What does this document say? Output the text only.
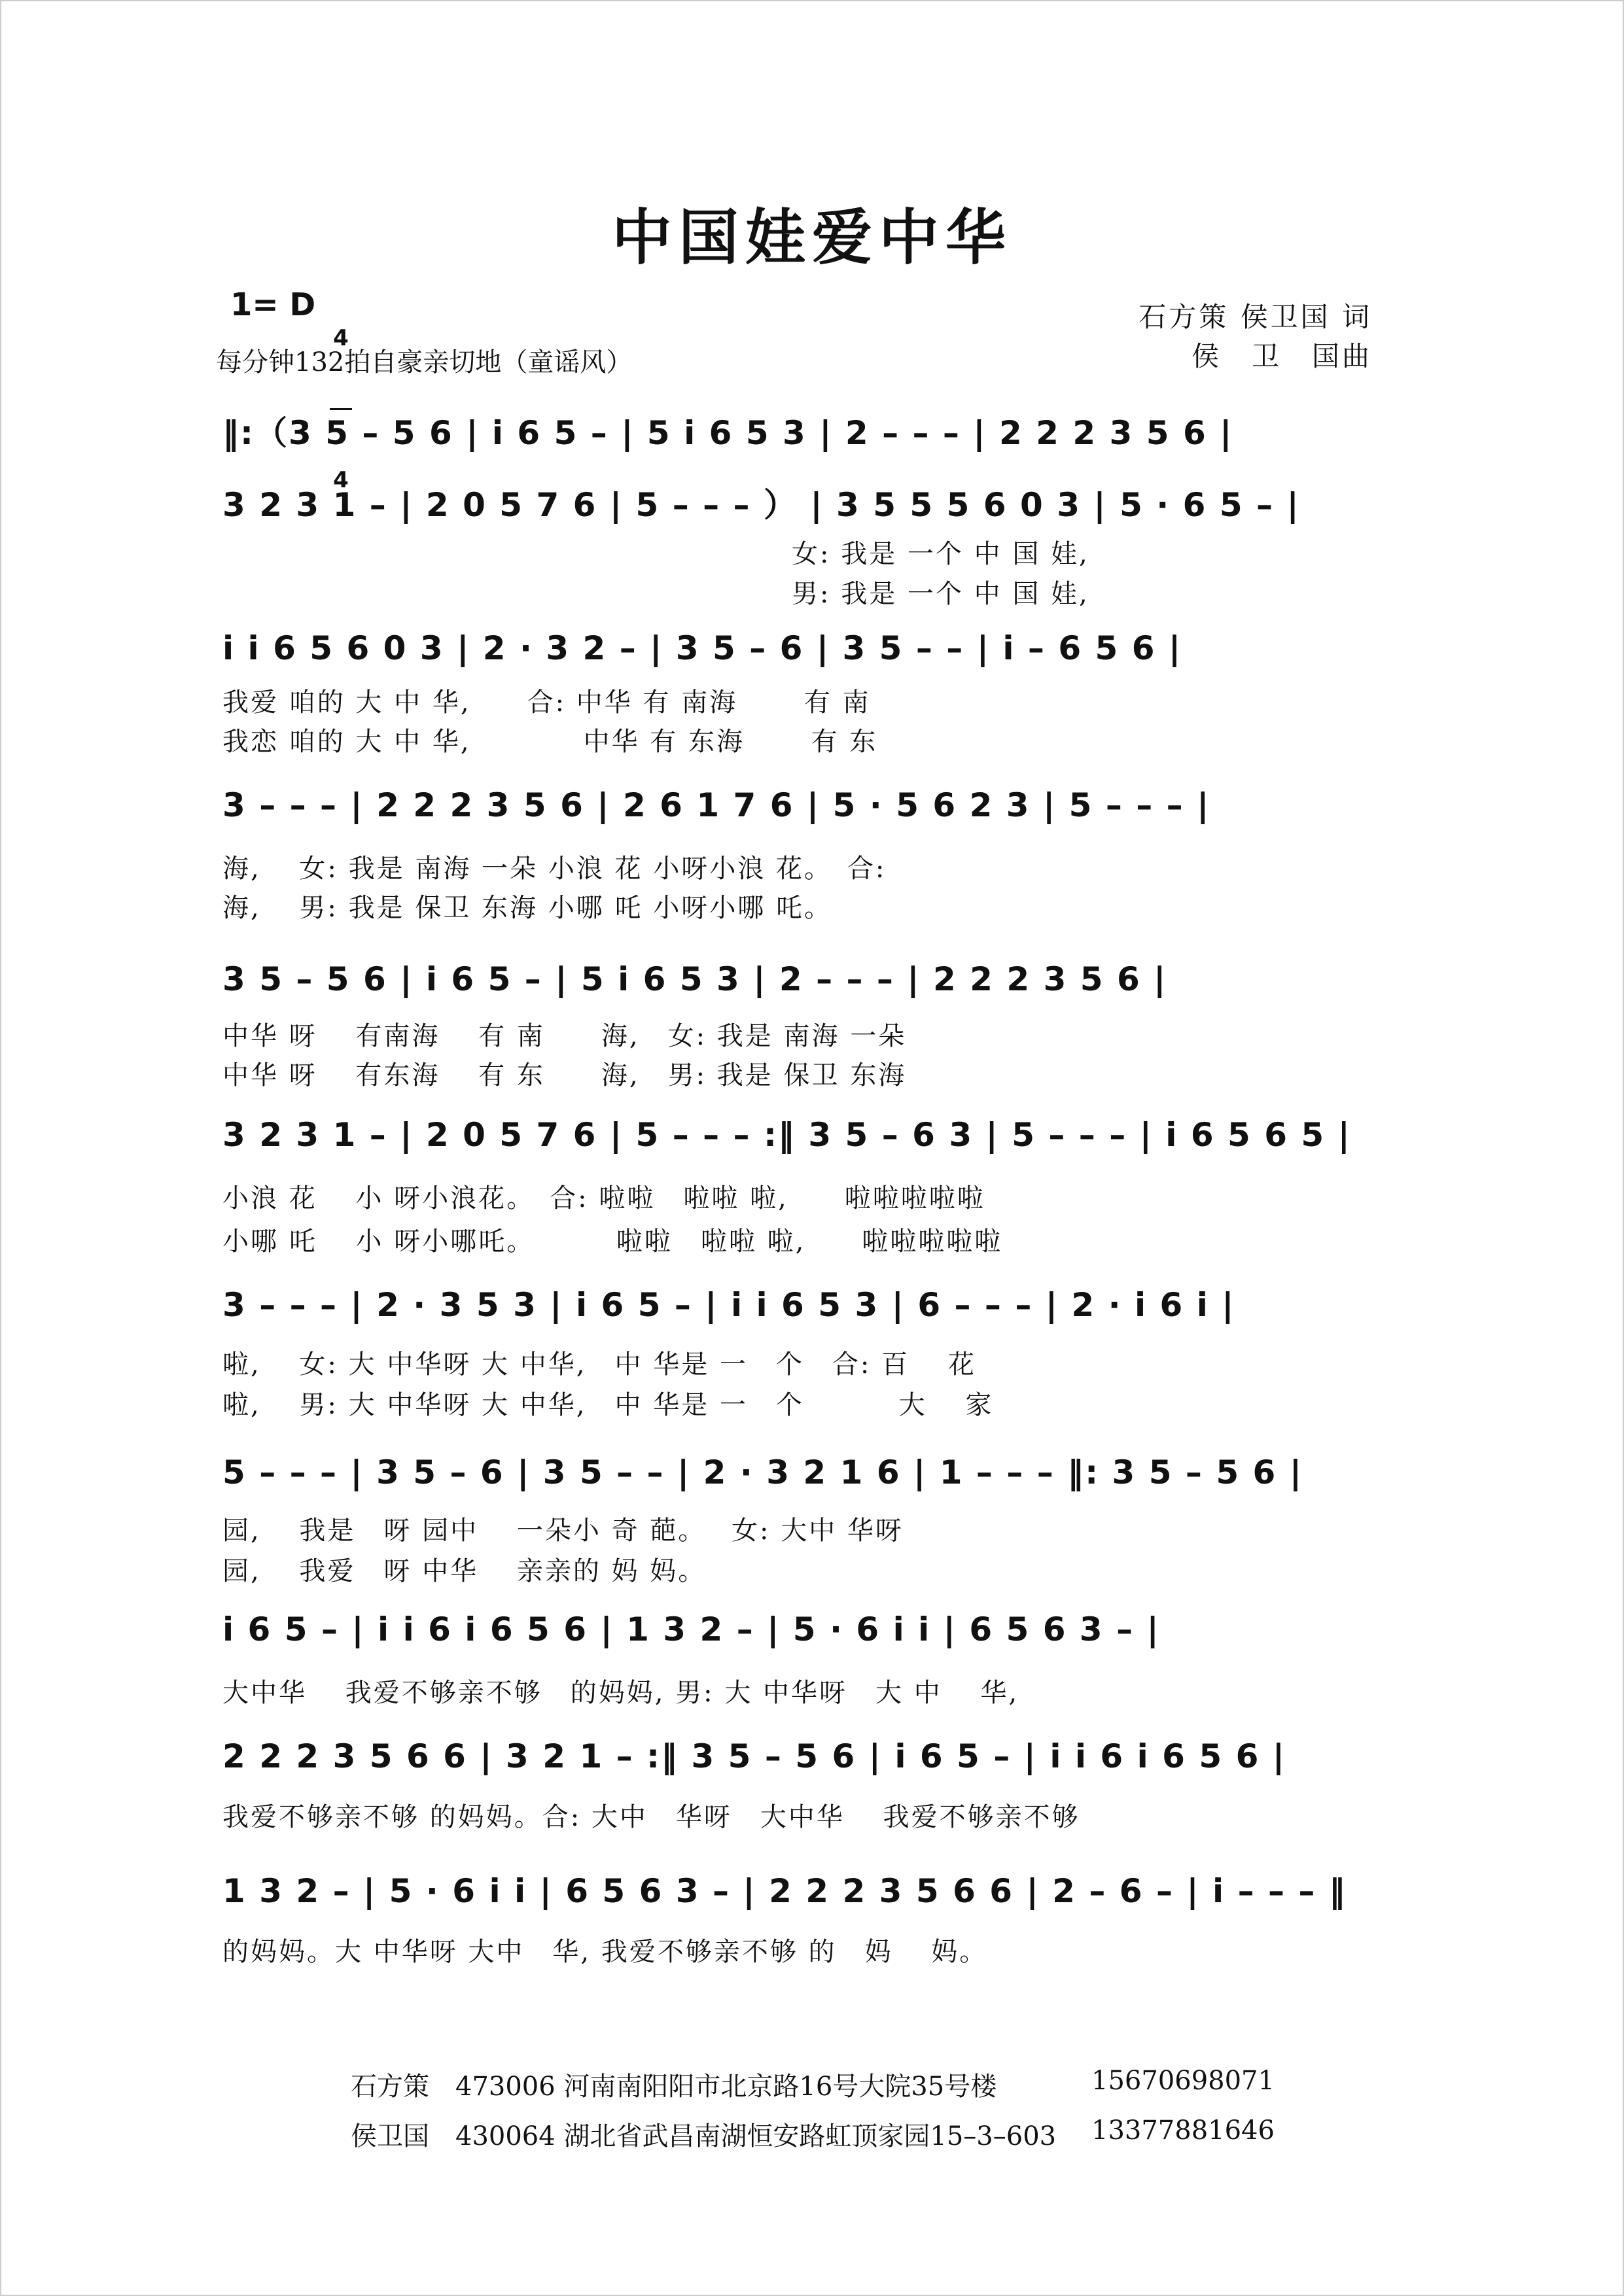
中国娃爱中华
1= D

4

4

每分钟132拍自豪亲切地（童谣风）
石方策 侯卫国 词
侯　卫　国曲
‖:（3 5 – 5 6 | i 6 5 – | 5 i 6 5 3 | 2 – – – | 2 2 2 3 5 6 |
3 2 3 1 – | 2 0 5 7 6 | 5 – – – ） | 3 5 5 5 6 0 3 | 5 · 6 5 – |
女: 我是 一个 中 国 娃,
男: 我是 一个 中 国 娃,
i i 6 5 6 0 3 | 2 · 3 2 – | 3 5 – 6 | 3 5 – – | i – 6 5 6 |
我爱 咱的 大 中 华,　　合: 中华 有 南海　　 有 南
我恋 咱的 大 中 华,　　　　中华 有 东海　　 有 东
3 – – – | 2 2 2 3 5 6 | 2 6 1 7 6 | 5 · 5 6 2 3 | 5 – – – |
海,　 女: 我是 南海 一朵 小浪 花 小呀小浪 花。　合:
海,　 男: 我是 保卫 东海 小哪 吒 小呀小哪 吒。
3 5 – 5 6 | i 6 5 – | 5 i 6 5 3 | 2 – – – | 2 2 2 3 5 6 |
中华 呀　 有南海　 有 南　　海,　女: 我是 南海 一朵
中华 呀　 有东海　 有 东　　海,　男: 我是 保卫 东海
3 2 3 1 – | 2 0 5 7 6 | 5 – – – :‖ 3 5 – 6 3 | 5 – – – | i 6 5 6 5 |
小浪 花　 小 呀小浪花。　合: 啦啦　啦啦 啦,　　啦啦啦啦啦
小哪 吒　 小 呀小哪吒。　　　 啦啦　啦啦 啦,　　啦啦啦啦啦
3 – – – | 2 · 3 5 3 | i 6 5 – | i i 6 5 3 | 6 – – – | 2 · i 6 i |
啦,　 女: 大 中华呀 大 中华,　中 华是 一　个　合: 百　 花
啦,　 男: 大 中华呀 大 中华,　中 华是 一　个　　　 大　 家
5 – – – | 3 5 – 6 | 3 5 – – | 2 · 3 2 1 6 | 1 – – – ‖: 3 5 – 5 6 |
园,　 我是　呀 园中　 一朵小 奇 葩。　 女: 大中 华呀
园,　 我爱　呀 中华　 亲亲的 妈 妈。
i 6 5 – | i i 6 i 6 5 6 | 1 3 2 – | 5 · 6 i i | 6 5 6 3 – |
大中华　 我爱不够亲不够　的妈妈, 男: 大 中华呀　大 中　 华,
2 2 2 3 5 6 6 | 3 2 1 – :‖ 3 5 – 5 6 | i 6 5 – | i i 6 i 6 5 6 |
我爱不够亲不够 的妈妈。合: 大中　华呀　大中华　 我爱不够亲不够
1 3 2 – | 5 · 6 i i | 6 5 6 3 – | 2 2 2 3 5 6 6 | 2 – 6 – | i – – – ‖
的妈妈。大 中华呀 大中　华, 我爱不够亲不够 的　妈　 妈。
石方策 473006 河南南阳阳市北京路16号大院35号楼	15670698071
侯卫国 430064 湖北省武昌南湖恒安路虹顶家园15–3–603 13377881646
